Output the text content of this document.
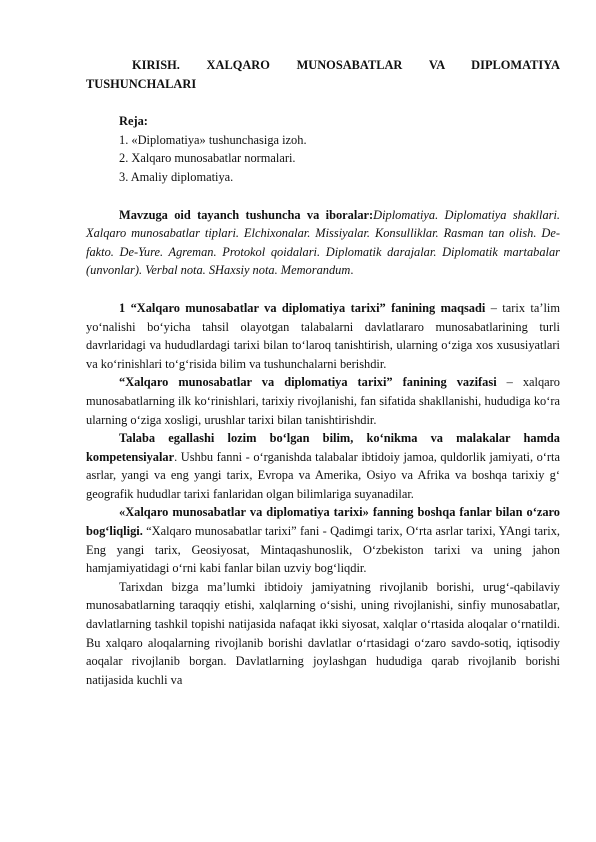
KIRISH. XALQARO MUNOSABATLAR VA DIPLOMATIYA TUSHUNCHALARI

Reja:
1. «Diplomatiya» tushunchasiga izoh.
2. Xalqaro munosabatlar normalari.
3. Amaliy diplomatiya.

Mavzuga oid tayanch tushuncha va iboralar:Diplomatiya. Diplomatiya shakllari. Xalqaro munosabatlar tiplari. Elchixonalar. Missiyalar. Konsulliklar. Rasman tan olish. De-fakto. De-Yure. Agreman. Protokol qoidalari. Diplomatik darajalar. Diplomatik martabalar (unvonlar). Verbal nota. SHaxsiy nota. Memorandum.

1 “Xalqaro munosabatlar va diplomatiya tarixi” fanining maqsadi – tarix ta’lim yo‘nalishi bo‘yicha tahsil olayotgan talabalarni davlatlararo munosabatlarining turli davrlaridagi va hududlardagi tarixi bilan to‘laroq tanishtirish, ularning o‘ziga xos xususiyatlari va ko‘rinishlari to‘g‘risida bilim va tushunchalarni berishdir.

“Xalqaro munosabatlar va diplomatiya tarixi” fanining vazifasi – xalqaro munosabatlarning ilk ko‘rinishlari, tarixiy rivojlanishi, fan sifatida shakllanishi, hududiga ko‘ra ularning o‘ziga xosligi, urushlar tarixi bilan tanishtirishdir.

Talaba egallashi lozim bo‘lgan bilim, ko‘nikma va malakalar hamda kompetensiyalar. Ushbu fanni - o‘rganishda talabalar ibtidoiy jamoa, quldorlik jamiyati, o‘rta asrlar, yangi va eng yangi tarix, Evropa va Amerika, Osiyo va Afrika va boshqa tarixiy g‘ geografik hududlar tarixi fanlaridan olgan bilimlariga suyanadilar.

«Xalqaro munosabatlar va diplomatiya tarixi» fanning boshqa fanlar bilan o‘zaro bog‘liqligi. “Xalqaro munosabatlar tarixi” fani - Qadimgi tarix, O‘rta asrlar tarixi, YAngi tarix, Eng yangi tarix, Geosiyosat, Mintaqashunoslik, O‘zbekiston tarixi va uning jahon hamjamiyatidagi o‘rni kabi fanlar bilan uzviy bog‘liqdir.

Tarixdan bizga ma’lumki ibtidoiy jamiyatning rivojlanib borishi, urug‘-qabilaviy munosabatlarning taraqqiy etishi, xalqlarning o‘sishi, uning rivojlanishi, sinfiy munosabatlar, davlatlarning tashkil topishi natijasida nafaqat ikki siyosat, xalqlar o‘rtasida aloqalar o‘rnatildi. Bu xalqaro aloqalarning rivojlanib borishi davlatlar o‘rtasidagi o‘zaro savdo-sotiq, iqtisodiy aoqalar rivojlanib borgan. Davlatlarning joylashgan hududiga qarab rivojlanib borishi natijasida kuchli va
